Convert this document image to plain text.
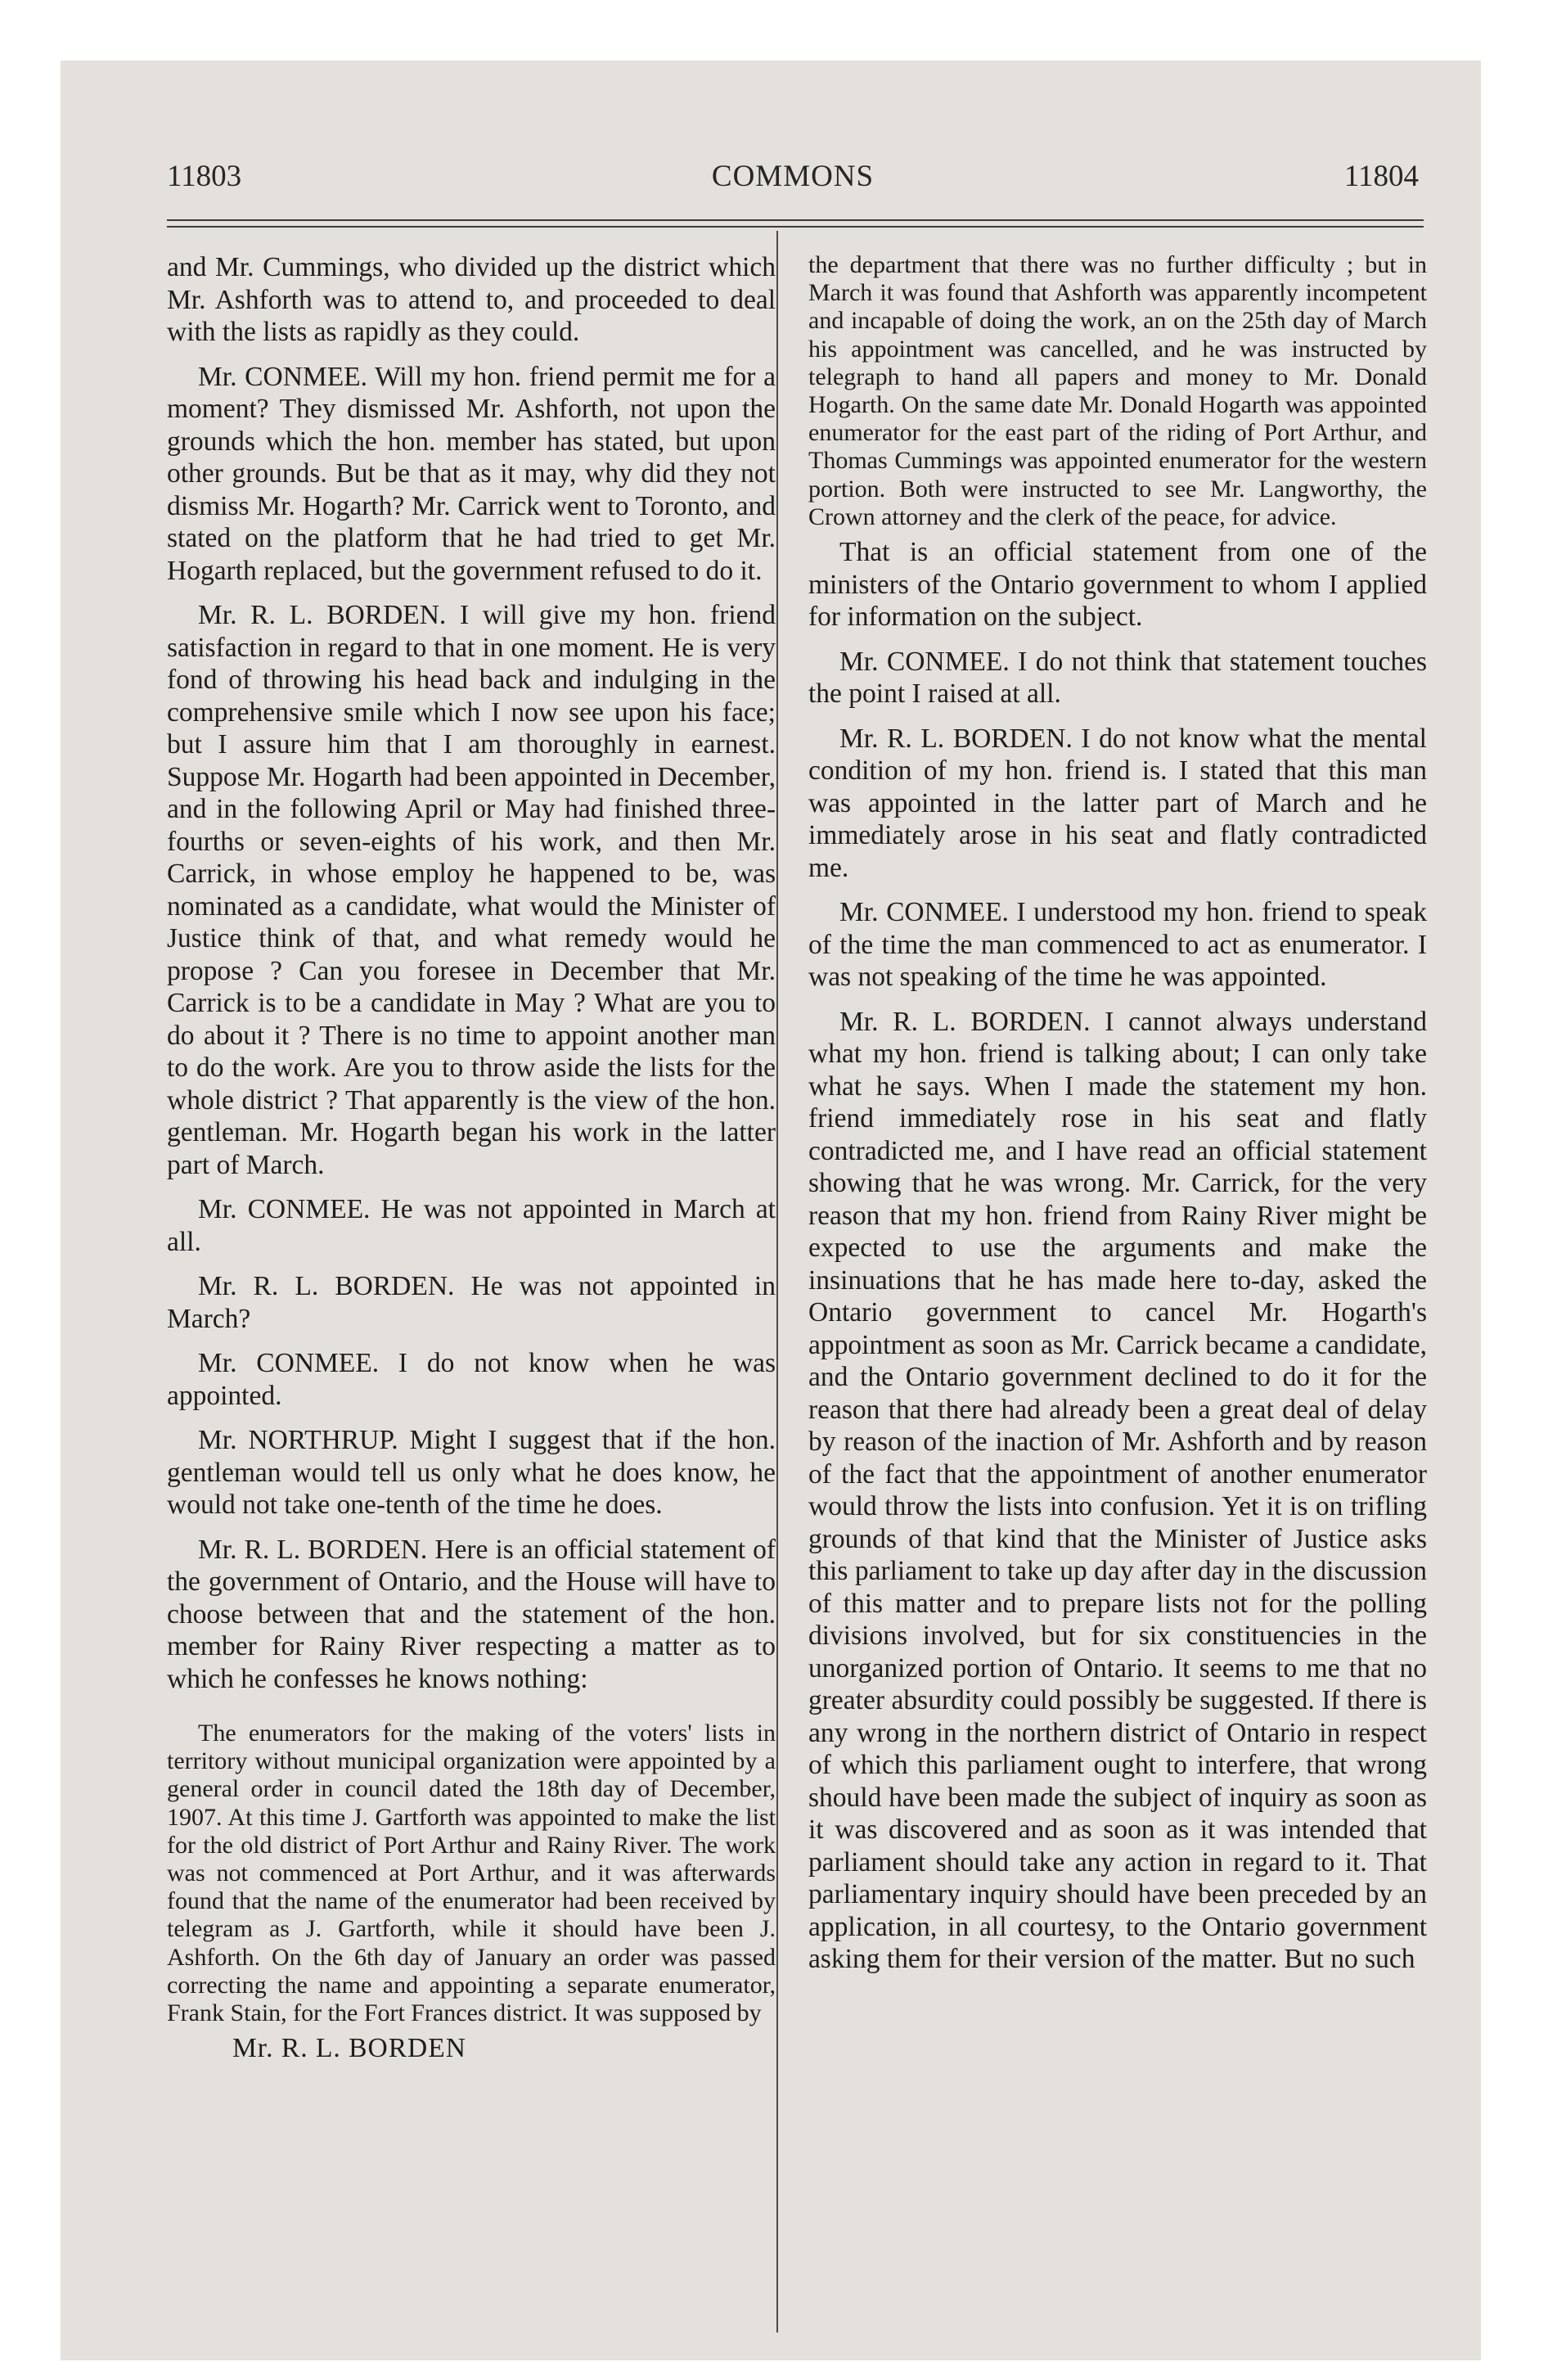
11803	COMMONS	11804

and Mr. Cummings, who divided up the district which Mr. Ashforth was to attend to, and proceeded to deal with the lists as rapidly as they could.

Mr. CONMEE. Will my hon. friend permit me for a moment? They dismissed Mr. Ashforth, not upon the grounds which the hon. member has stated, but upon other grounds. But be that as it may, why did they not dismiss Mr. Hogarth? Mr. Carrick went to Toronto, and stated on the platform that he had tried to get Mr. Hogarth replaced, but the government refused to do it.

Mr. R. L. BORDEN. I will give my hon. friend satisfaction in regard to that in one moment. He is very fond of throwing his head back and indulging in the comprehensive smile which I now see upon his face; but I assure him that I am thoroughly in earnest. Suppose Mr. Hogarth had been appointed in December, and in the following April or May had finished three-fourths or seven-eights of his work, and then Mr. Carrick, in whose employ he happened to be, was nominated as a candidate, what would the Minister of Justice think of that, and what remedy would he propose ? Can you foresee in December that Mr. Carrick is to be a candidate in May ? What are you to do about it ? There is no time to appoint another man to do the work. Are you to throw aside the lists for the whole district ? That apparently is the view of the hon. gentleman. Mr. Hogarth began his work in the latter part of March.

Mr. CONMEE. He was not appointed in March at all.

Mr. R. L. BORDEN. He was not appointed in March?

Mr. CONMEE. I do not know when he was appointed.

Mr. NORTHRUP. Might I suggest that if the hon. gentleman would tell us only what he does know, he would not take one-tenth of the time he does.

Mr. R. L. BORDEN. Here is an official statement of the government of Ontario, and the House will have to choose between that and the statement of the hon. member for Rainy River respecting a matter as to which he confesses he knows nothing:

The enumerators for the making of the voters' lists in territory without municipal organization were appointed by a general order in council dated the 18th day of December, 1907. At this time J. Gartforth was appointed to make the list for the old district of Port Arthur and Rainy River. The work was not commenced at Port Arthur, and it was afterwards found that the name of the enumerator had been received by telegram as J. Gartforth, while it should have been J. Ashforth. On the 6th day of January an order was passed correcting the name and appointing a separate enumerator, Frank Stain, for the Fort Frances district. It was supposed by

Mr. R. L. BORDEN

the department that there was no further difficulty ; but in March it was found that Ashforth was apparently incompetent and incapable of doing the work, an on the 25th day of March his appointment was cancelled, and he was instructed by telegraph to hand all papers and money to Mr. Donald Hogarth. On the same date Mr. Donald Hogarth was appointed enumerator for the east part of the riding of Port Arthur, and Thomas Cummings was appointed enumerator for the western portion. Both were instructed to see Mr. Langworthy, the Crown attorney and the clerk of the peace, for advice.

That is an official statement from one of the ministers of the Ontario government to whom I applied for information on the subject.

Mr. CONMEE. I do not think that statement touches the point I raised at all.

Mr. R. L. BORDEN. I do not know what the mental condition of my hon. friend is. I stated that this man was appointed in the latter part of March and he immediately arose in his seat and flatly contradicted me.

Mr. CONMEE. I understood my hon. friend to speak of the time the man commenced to act as enumerator. I was not speaking of the time he was appointed.

Mr. R. L. BORDEN. I cannot always understand what my hon. friend is talking about; I can only take what he says. When I made the statement my hon. friend immediately rose in his seat and flatly contradicted me, and I have read an official statement showing that he was wrong. Mr. Carrick, for the very reason that my hon. friend from Rainy River might be expected to use the arguments and make the insinuations that he has made here to-day, asked the Ontario government to cancel Mr. Hogarth's appointment as soon as Mr. Carrick became a candidate, and the Ontario government declined to do it for the reason that there had already been a great deal of delay by reason of the inaction of Mr. Ashforth and by reason of the fact that the appointment of another enumerator would throw the lists into confusion. Yet it is on trifling grounds of that kind that the Minister of Justice asks this parliament to take up day after day in the discussion of this matter and to prepare lists not for the polling divisions involved, but for six constituencies in the unorganized portion of Ontario. It seems to me that no greater absurdity could possibly be suggested. If there is any wrong in the northern district of Ontario in respect of which this parliament ought to interfere, that wrong should have been made the subject of inquiry as soon as it was discovered and as soon as it was intended that parliament should take any action in regard to it. That parliamentary inquiry should have been preceded by an application, in all courtesy, to the Ontario government asking them for their version of the matter. But no such
